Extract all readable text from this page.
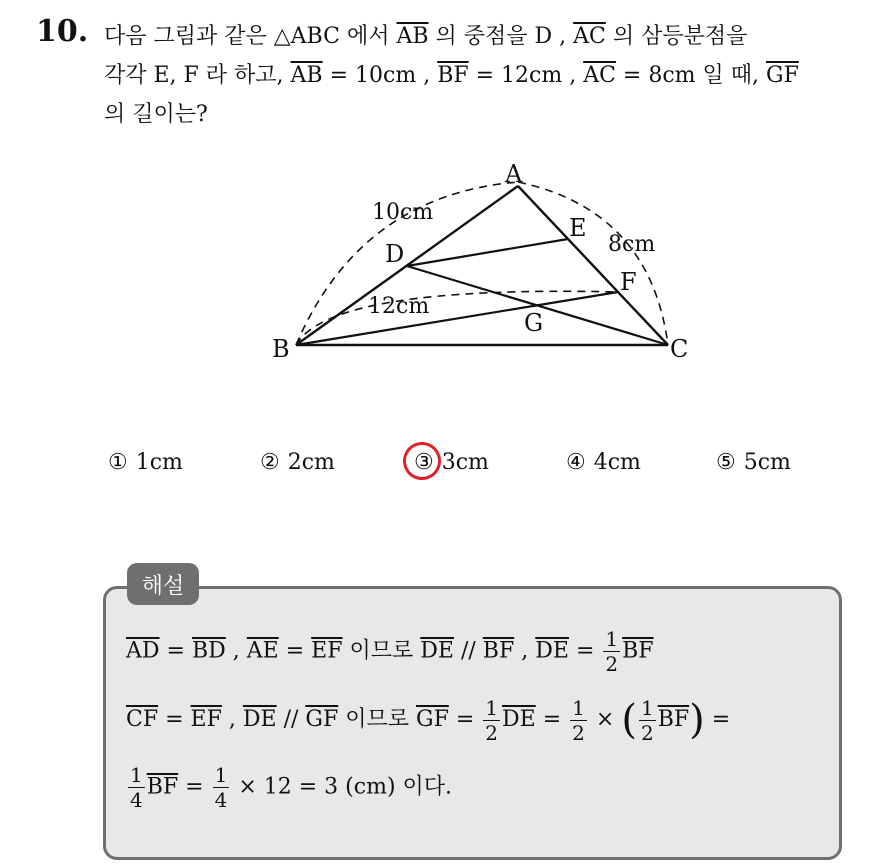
10. 다음 그림과 같은 △ABC 에서 $\overline{AB}$ 의 중점을 D , $\overline{AC}$ 의 삼등분점을
각각 E, F 라 하고, $\overline{AB} = 10cm$ , $\overline{BF} = 12cm$ , $\overline{AC} = 8cm$ 일 때, $\overline{GF}$
의 길이는?
A
B	C
D
E
F
G
10cm
8cm
12cm
① 1cm	② 2cm	③ 3cm	④ 4cm	⑤ 5cm
해설
$\overline{AD} = \overline{BD}$ , $\overline{AE} = \overline{EF}$ 이므로 $\overline{DE} // \overline{BF}$ , $\overline{DE} = \frac{1}{2} \overline{BF}$
$\overline{CF} = \overline{EF}$ , $\overline{DE} // \overline{GF}$ 이므로 $\overline{GF} = \frac{1}{2} \overline{DE} = \frac{1}{2}$ × ( $\frac{1}{2} \overline{BF}$) =
$\frac{1}{4} \overline{BF} = \frac{1}{4} \times 12 = 3$ (cm) 이다.
